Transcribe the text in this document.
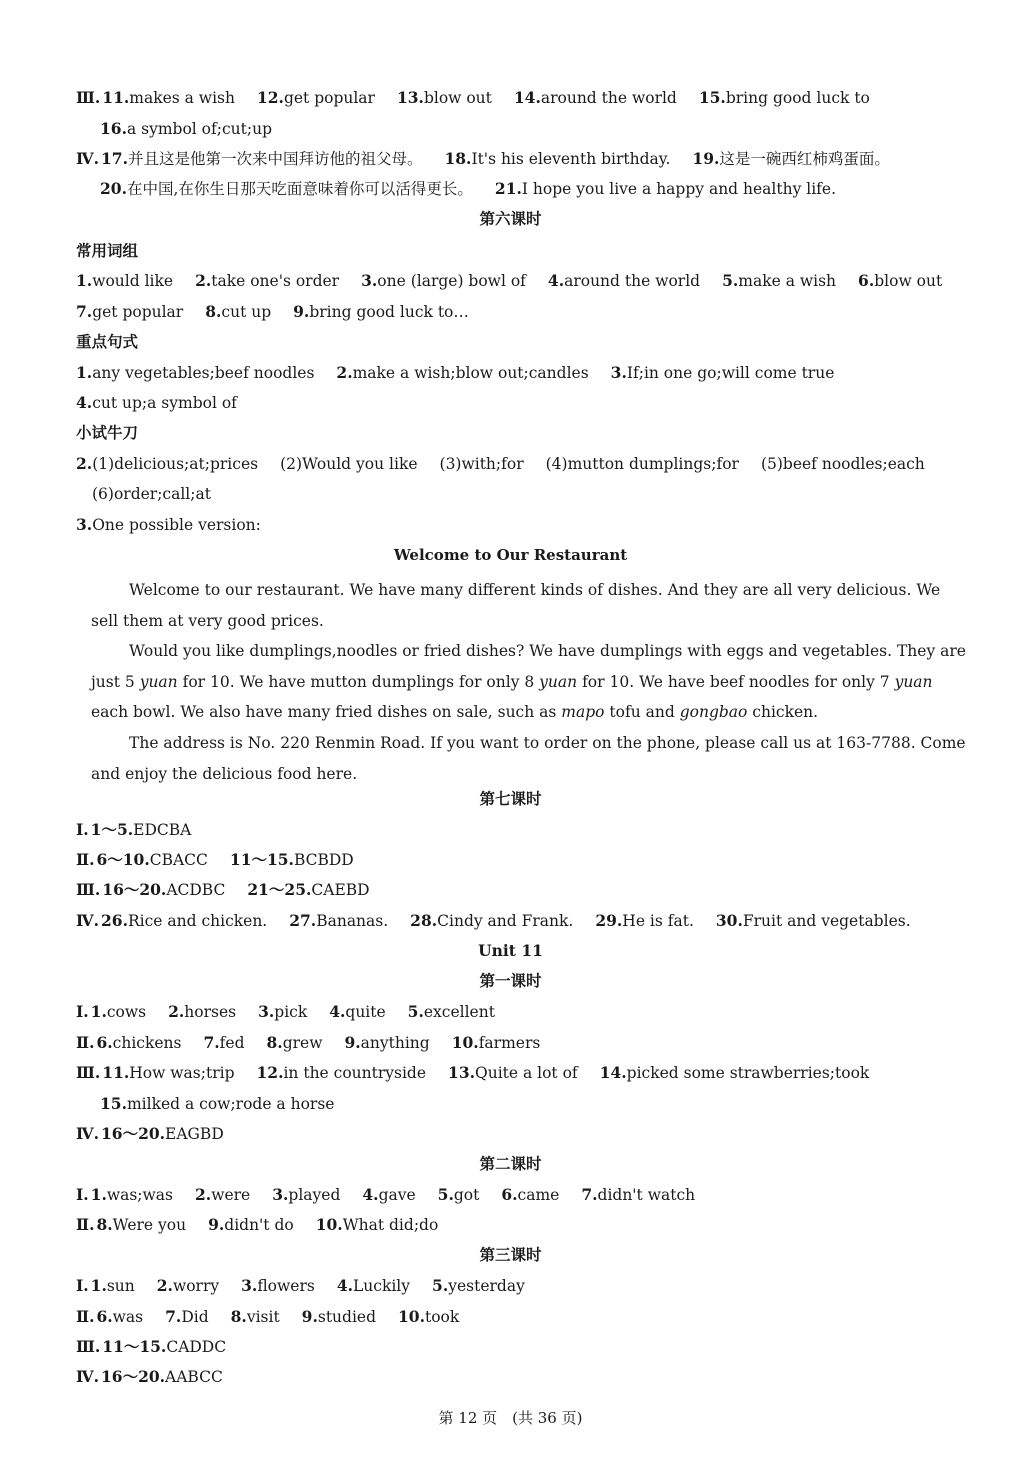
Ⅲ. 11.makes a wish 12.get popular 13.blow out 14.around the world 15.bring good luck to
16.a symbol of;cut;up
Ⅳ. 17.并且这是他第一次来中国拜访他的祖父母。 18.It's his eleventh birthday. 19.这是一碗西红柿鸡蛋面。
20.在中国,在你生日那天吃面意味着你可以活得更长。 21.I hope you live a happy and healthy life.
第六课时
常用词组
1.would like 2.take one's order 3.one (large) bowl of 4.around the world 5.make a wish 6.blow out
7.get popular 8.cut up 9.bring good luck to…
重点句式
1.any vegetables;beef noodles 2.make a wish;blow out;candles 3.If;in one go;will come true
4.cut up;a symbol of
小试牛刀
2.(1)delicious;at;prices (2)Would you like (3)with;for (4)mutton dumplings;for (5)beef noodles;each
(6)order;call;at
3.One possible version:
Welcome to Our Restaurant
Welcome to our restaurant. We have many different kinds of dishes. And they are all very delicious. We sell them at very good prices.
Would you like dumplings,noodles or fried dishes? We have dumplings with eggs and vegetables. They are just 5 yuan for 10. We have mutton dumplings for only 8 yuan for 10. We have beef noodles for only 7 yuan each bowl. We also have many fried dishes on sale, such as mapo tofu and gongbao chicken.
The address is No. 220 Renmin Road. If you want to order on the phone, please call us at 163-7788. Come and enjoy the delicious food here.
第七课时
Ⅰ. 1～5.EDCBA
Ⅱ. 6～10.CBACC 11～15.BCBDD
Ⅲ. 16～20.ACDBC 21～25.CAEBD
Ⅳ. 26.Rice and chicken. 27.Bananas. 28.Cindy and Frank. 29.He is fat. 30.Fruit and vegetables.
Unit 11
第一课时
Ⅰ. 1.cows 2.horses 3.pick 4.quite 5.excellent
Ⅱ. 6.chickens 7.fed 8.grew 9.anything 10.farmers
Ⅲ. 11.How was;trip 12.in the countryside 13.Quite a lot of 14.picked some strawberries;took
15.milked a cow;rode a horse
Ⅳ. 16～20.EAGBD
第二课时
Ⅰ. 1.was;was 2.were 3.played 4.gave 5.got 6.came 7.didn't watch
Ⅱ. 8.Were you 9.didn't do 10.What did;do
第三课时
Ⅰ. 1.sun 2.worry 3.flowers 4.Luckily 5.yesterday
Ⅱ. 6.was 7.Did 8.visit 9.studied 10.took
Ⅲ. 11～15.CADDC
Ⅳ. 16～20.AABCC
第 12 页　(共 36 页)
